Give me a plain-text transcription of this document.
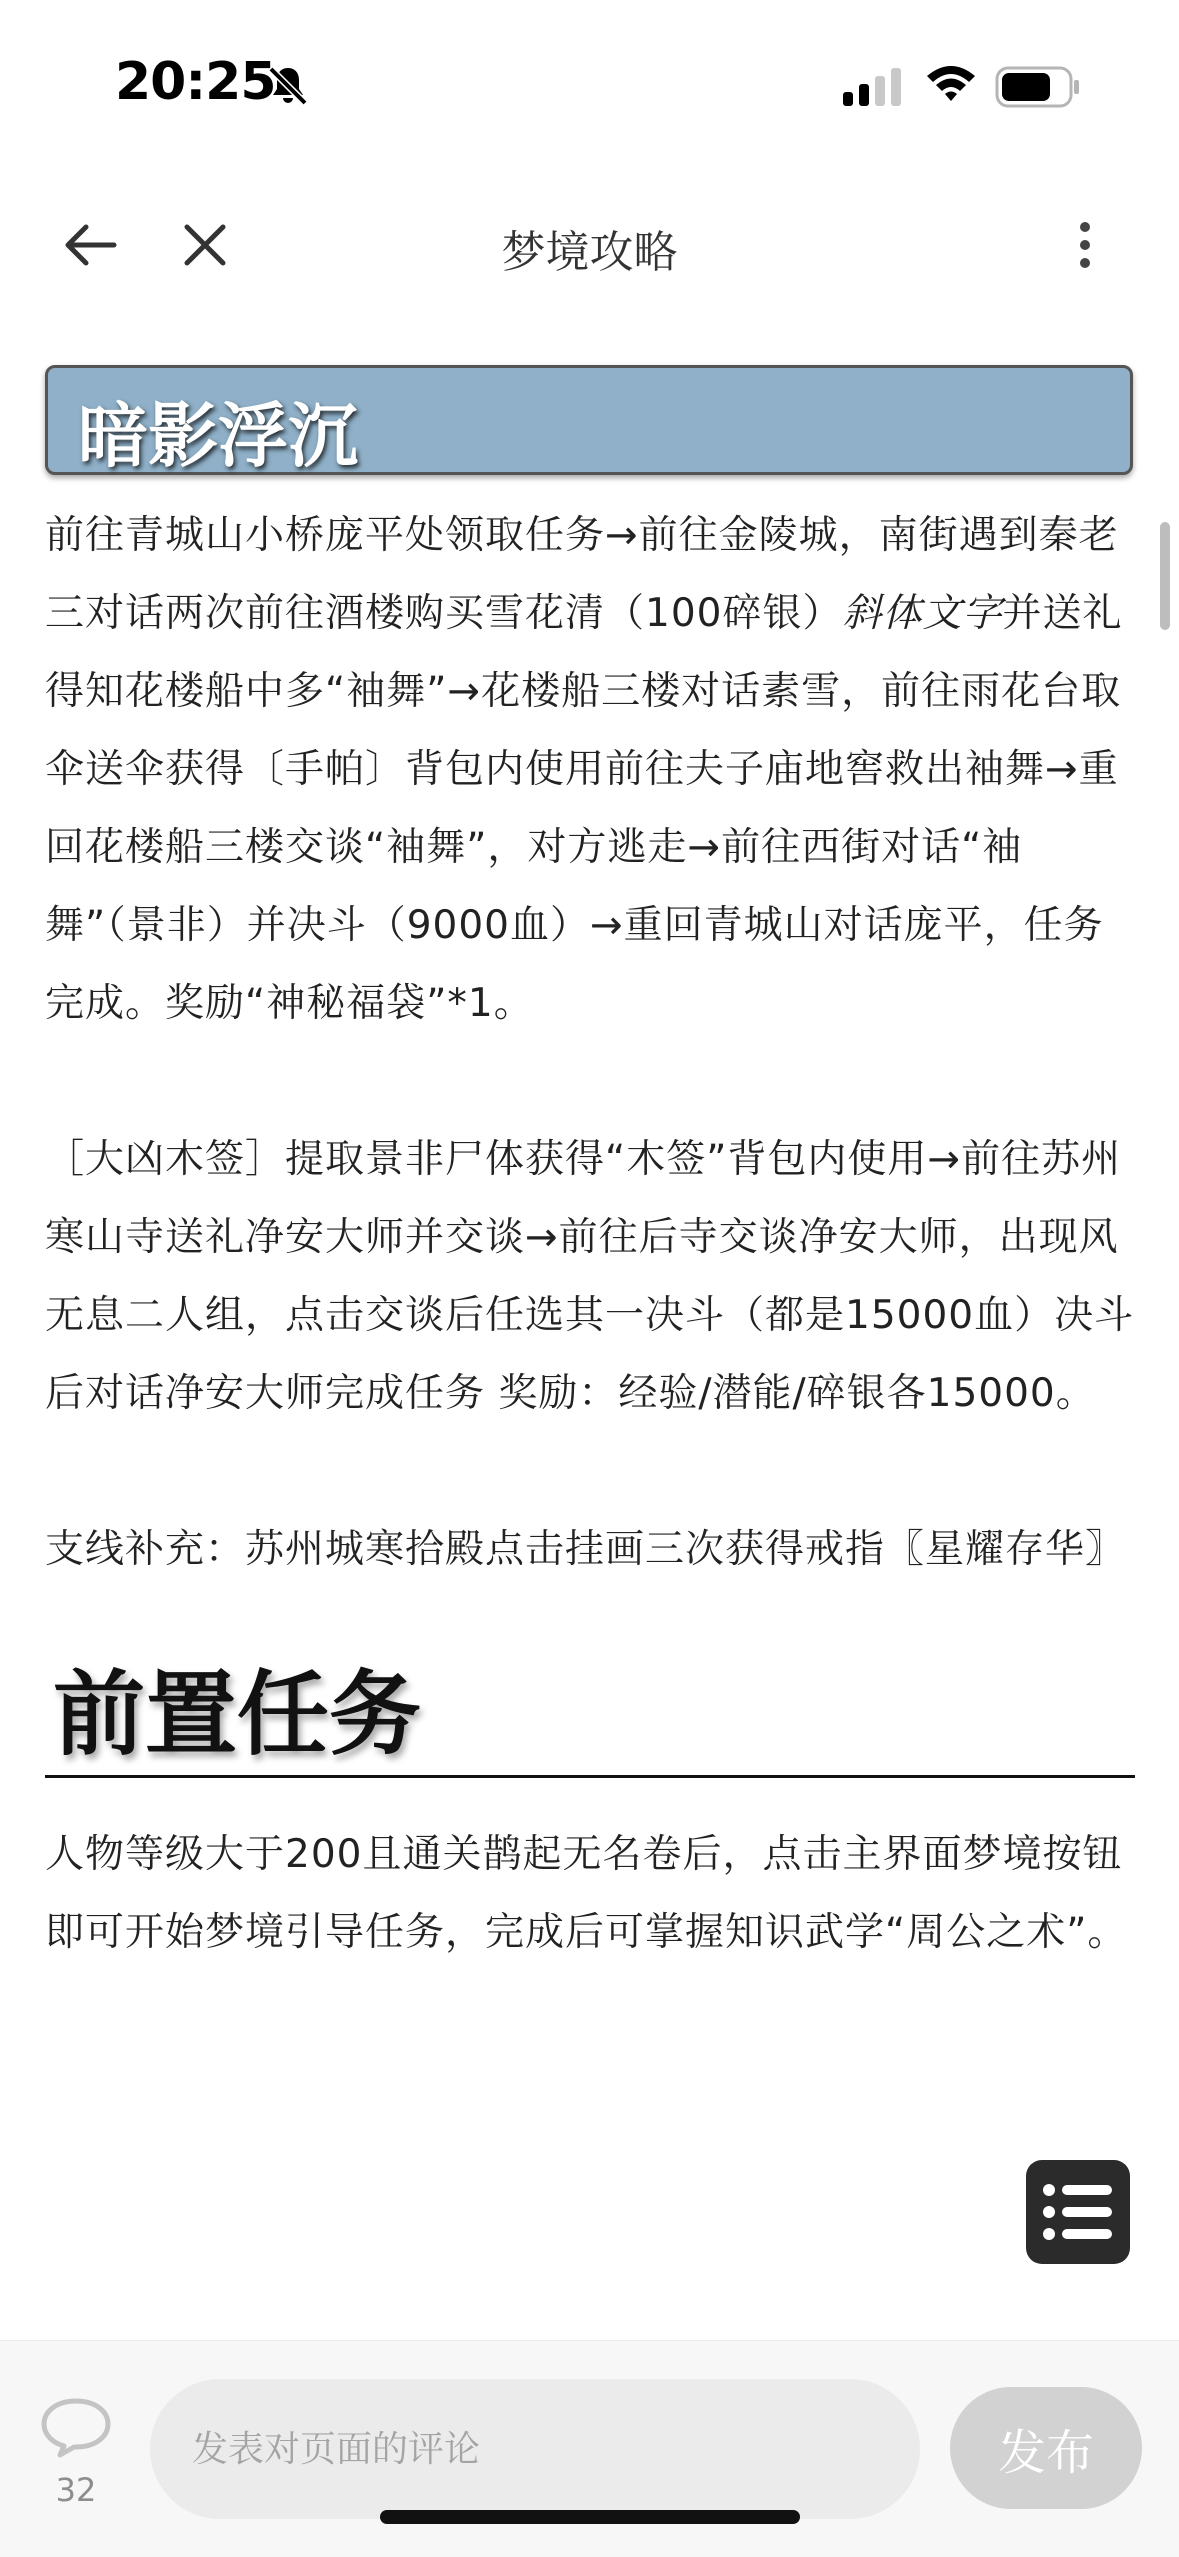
20:25
梦境攻略
暗影浮沉

前往青城山小桥庞平处领取任务→前往金陵城，南街遇到秦老三对话两次前往酒楼购买雪花清（100碎银）斜体文字并送礼得知花楼船中多“袖舞”→花楼船三楼对话素雪，前往雨花台取伞送伞获得〔手帕〕背包内使用前往夫子庙地窖救出袖舞→重回花楼船三楼交谈“袖舞”，对方逃走→前往西街对话“袖舞”（景非）并决斗（9000血）→重回青城山对话庞平，任务完成。奖励“神秘福袋”*1。

［大凶木签］提取景非尸体获得“木签”背包内使用→前往苏州寒山寺送礼净安大师并交谈→前往后寺交谈净安大师，出现风无息二人组，点击交谈后任选其一决斗（都是15000血）决斗后对话净安大师完成任务 奖励：经验/潜能/碎银各15000。

支线补充：苏州城寒拾殿点击挂画三次获得戒指〖星耀存华〗

前置任务

人物等级大于200且通关鹊起无名卷后，点击主界面梦境按钮即可开始梦境引导任务，完成后可掌握知识武学“周公之术”。

32
发表对页面的评论
发布
